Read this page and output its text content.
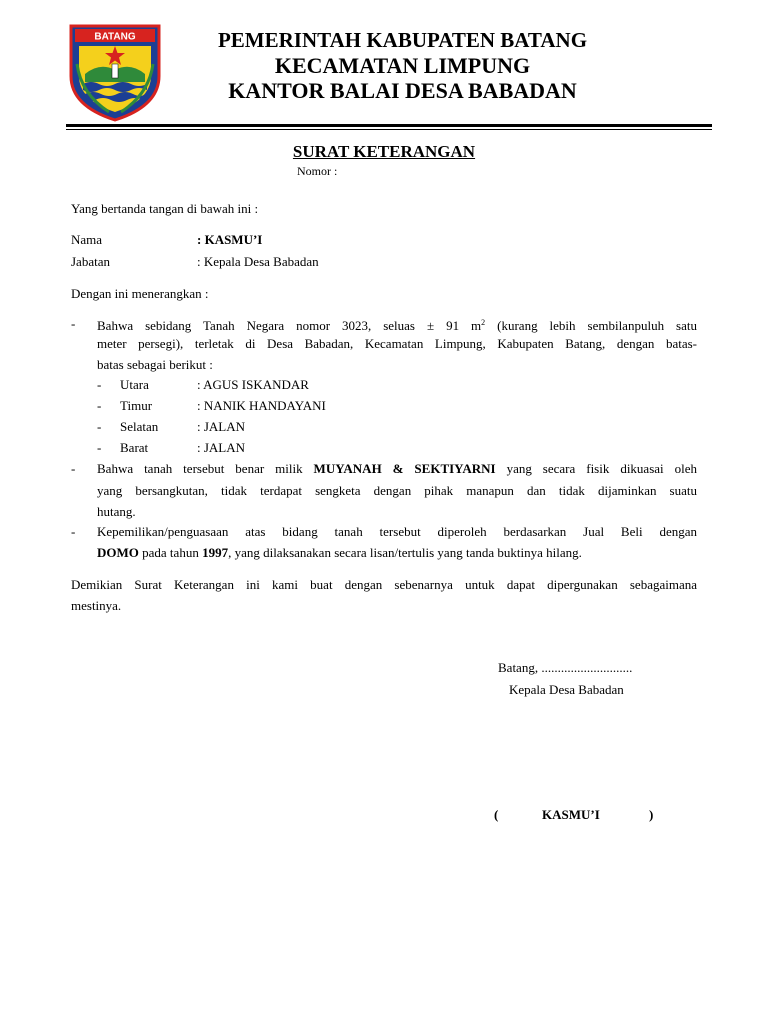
BATANG	PEMERINTAH KABUPATEN BATANG
KECAMATAN LIMPUNG
KANTOR BALAI DESA BABADAN
SURAT KETERANGAN
Nomor :
Yang bertanda tangan di bawah ini :
Nama	: KASMU’I
Jabatan	: Kepala Desa Babadan
Dengan ini menerangkan :
- Bahwa sebidang Tanah Negara nomor 3023, seluas ± 91 $m^2$ (kurang lebih sembilanpuluh satu
meter persegi), terletak di Desa Babadan, Kecamatan Limpung, Kabupaten Batang, dengan batas-
batas sebagai berikut :
- Utara	: AGUS ISKANDAR
- Timur	: NANIK HANDAYANI
- Selatan	: JALAN
- Barat	: JALAN
- Bahwa tanah tersebut benar milik MUYANAH & SEKTIYARNI yang secara fisik dikuasai oleh
yang bersangkutan, tidak terdapat sengketa dengan pihak manapun dan tidak dijaminkan suatu
hutang.
- Kepemilikan/penguasaan atas bidang tanah tersebut diperoleh berdasarkan Jual Beli dengan
DOMO pada tahun 1997, yang dilaksanakan secara lisan/tertulis yang tanda buktinya hilang.
Demikian Surat Keterangan ini kami buat dengan sebenarnya untuk dapat dipergunakan sebagaimana
mestinya.
Batang, ............................
Kepala Desa Babadan
(	KASMU’I	)
